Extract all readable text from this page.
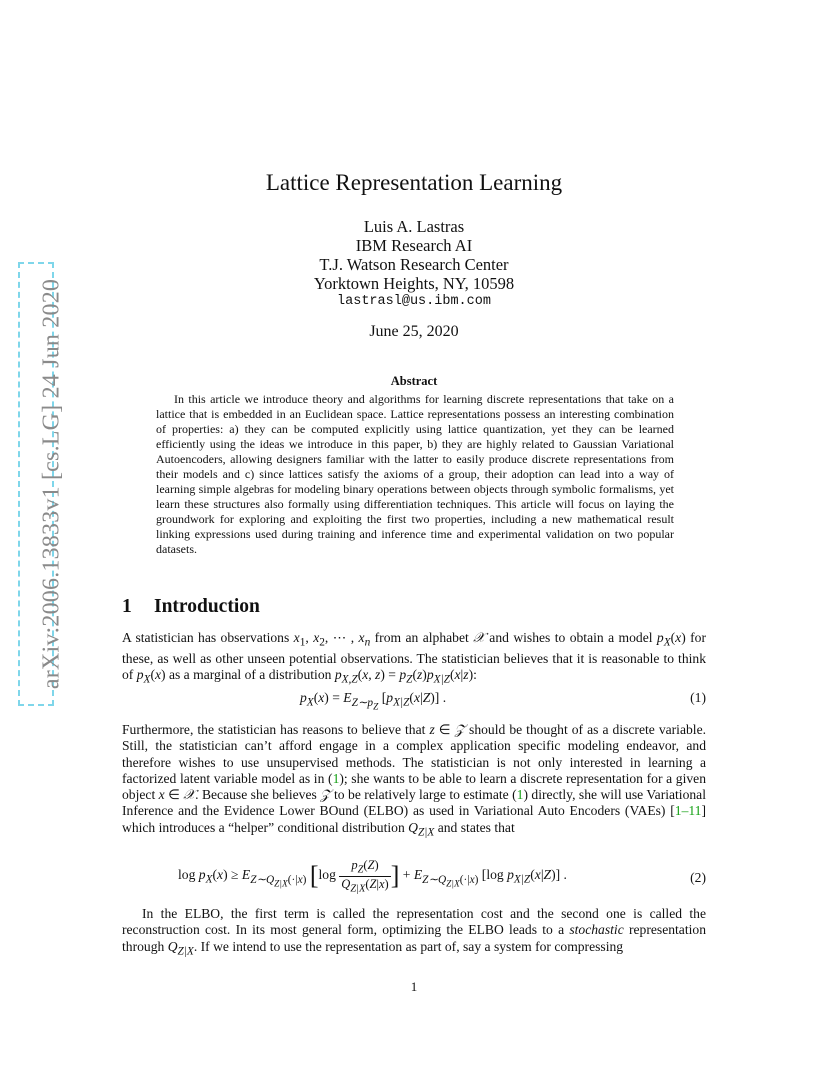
arXiv:2006.13833v1 [cs.LG] 24 Jun 2020
Lattice Representation Learning
Luis A. Lastras
IBM Research AI
T.J. Watson Research Center
Yorktown Heights, NY, 10598
lastrasl@us.ibm.com
June 25, 2020
Abstract

In this article we introduce theory and algorithms for learning discrete representations that take on a lattice that is embedded in an Euclidean space. Lattice representations possess an interesting combination of properties: a) they can be computed explicitly using lattice quantization, yet they can be learned efficiently using the ideas we introduce in this paper, b) they are highly related to Gaussian Variational Autoencoders, allowing designers familiar with the latter to easily produce discrete representations from their models and c) since lattices satisfy the axioms of a group, their adoption can lead into a way of learning simple algebras for modeling binary operations between objects through symbolic formalisms, yet learn these structures also formally using differentiation techniques. This article will focus on laying the groundwork for exploring and exploiting the first two properties, including a new mathematical result linking expressions used during training and inference time and experimental validation on two popular datasets.

1 Introduction

A statistician has observations $x_1$, $x_2$, ⋯ , $x_n$ from an alphabet 𝒳 and wishes to obtain a model $p_X(x)$ for these, as well as other unseen potential observations. The statistician believes that it is reasonable to think of $p_X(x)$ as a marginal of a distribution $p_{X,Z}(x$, $z) = p_Z(z)p_{X|Z}(x|z)$:

$p_X(x) = E_{Z\sim p_Z}$ $[p_{X|Z}(x|Z)]$ .	(1)

Furthermore, the statistician has reasons to believe that z ∈ 𝒵 should be thought of as a discrete variable. Still, the statistician can’t afford engage in a complex application specific modeling endeavor, and therefore wishes to use unsupervised methods. The statistician is not only interested in learning a factorized latent variable model as in (1); she wants to be able to learn a discrete representation for a given object x ∈ 𝒳. Because she believes 𝒵 to be relatively large to estimate (1) directly, she will use Variational Inference and the Evidence Lower BOund (ELBO) as used in Variational Auto Encoders (VAEs) [1–11] which introduces a “helper” conditional distribution $Q_{Z|X}$ and states that

$\log p_X(x) \ge E_{Z\sim Q_{Z|X}(\cdot|x)}$ [$\log \frac{p_Z(Z)}{Q_{Z|X}(Z|x)}$ ] + $E_{Z\sim Q_{Z|X}(\cdot|x)}$ [log $p_{X|Z}(x|Z)$] .	(2)

In the ELBO, the first term is called the representation cost and the second one is called the reconstruction cost. In its most general form, optimizing the ELBO leads to a stochastic representation through $Q_{Z|X}$. If we intend to use the representation as part of, say a system for compressing

1
